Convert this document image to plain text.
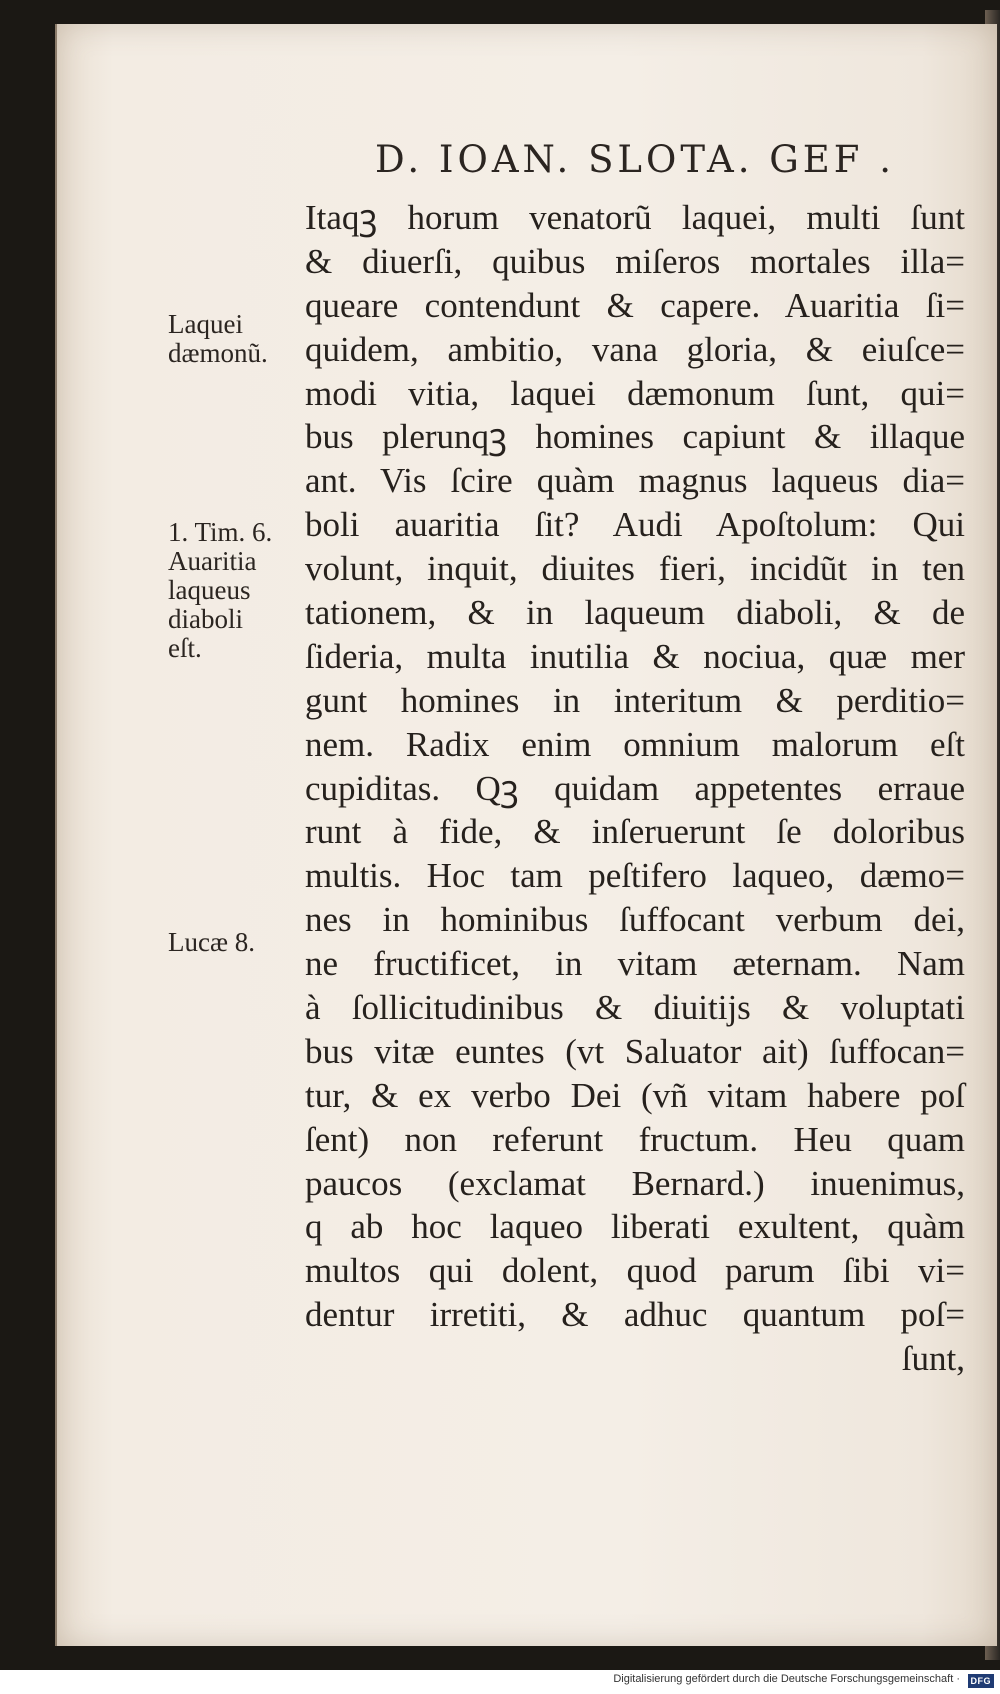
D. IOAN. SLOTA. GEF .
Laquei
dæmonũ.
1. Tim. 6.
Auaritia
laqueus
diaboli
eſt.
Lucæ 8.
Itaqꝫ horum venatorũ laquei, multi ſunt
& diuerſi, quibus miſeros mortales illa=
queare contendunt & capere. Auaritia ſi=
quidem, ambitio, vana gloria, & eiuſce=
modi vitia, laquei dæmonum ſunt, qui=
bus plerunqꝫ homines capiunt & illaque
ant. Vis ſcire quàm magnus laqueus dia=
boli auaritia ſit? Audi Apoſtolum: Qui
volunt, inquit, diuites fieri, incidũt in ten
tationem, & in laqueum diaboli, & de
ſideria, multa inutilia & nociua, quæ mer
gunt homines in interitum & perditio=
nem. Radix enim omnium malorum eſt
cupiditas. Qꝫ quidam appetentes erraue
runt à fide, & inſeruerunt ſe doloribus
multis. Hoc tam peſtifero laqueo, dæmo=
nes in hominibus ſuffocant verbum dei,
ne fructificet, in vitam æternam. Nam
à ſollicitudinibus & diuitijs & voluptati
bus vitæ euntes (vt Saluator ait) ſuffocan=
tur, & ex verbo Dei (vñ vitam habere poſ
ſent) non referunt fructum. Heu quam
paucos (exclamat Bernard.) inuenimus,
q ab hoc laqueo liberati exultent, quàm
multos qui dolent, quod parum ſibi vi=
dentur irretiti, & adhuc quantum poſ=
ſunt,
Digitalisierung gefördert durch die Deutsche Forschungsgemeinschaft ·	DFG
